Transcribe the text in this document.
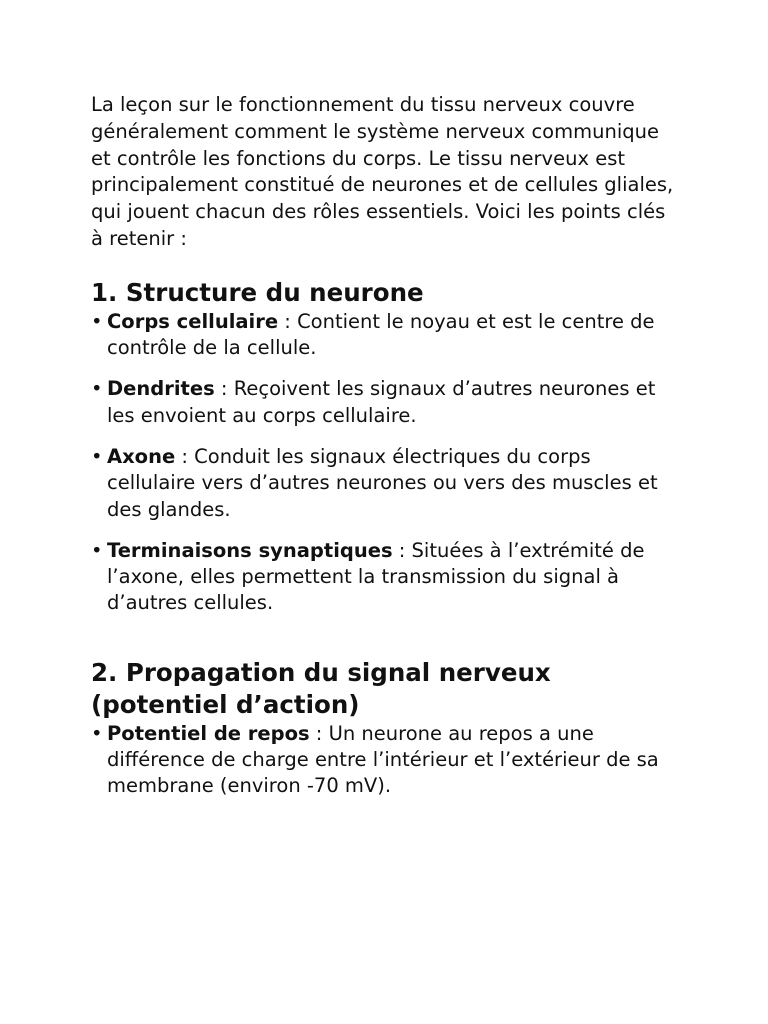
La leçon sur le fonctionnement du tissu nerveux couvre généralement comment le système nerveux communique et contrôle les fonctions du corps. Le tissu nerveux est principalement constitué de neurones et de cellules gliales, qui jouent chacun des rôles essentiels. Voici les points clés à retenir :

1. Structure du neurone
• Corps cellulaire : Contient le noyau et est le centre de contrôle de la cellule.
• Dendrites : Reçoivent les signaux d’autres neurones et les envoient au corps cellulaire.
• Axone : Conduit les signaux électriques du corps cellulaire vers d’autres neurones ou vers des muscles et des glandes.
• Terminaisons synaptiques : Situées à l’extrémité de l’axone, elles permettent la transmission du signal à d’autres cellules.
2. Propagation du signal nerveux (potentiel d’action)
• Potentiel de repos : Un neurone au repos a une différence de charge entre l’intérieur et l’extérieur de sa membrane (environ -70 mV).
